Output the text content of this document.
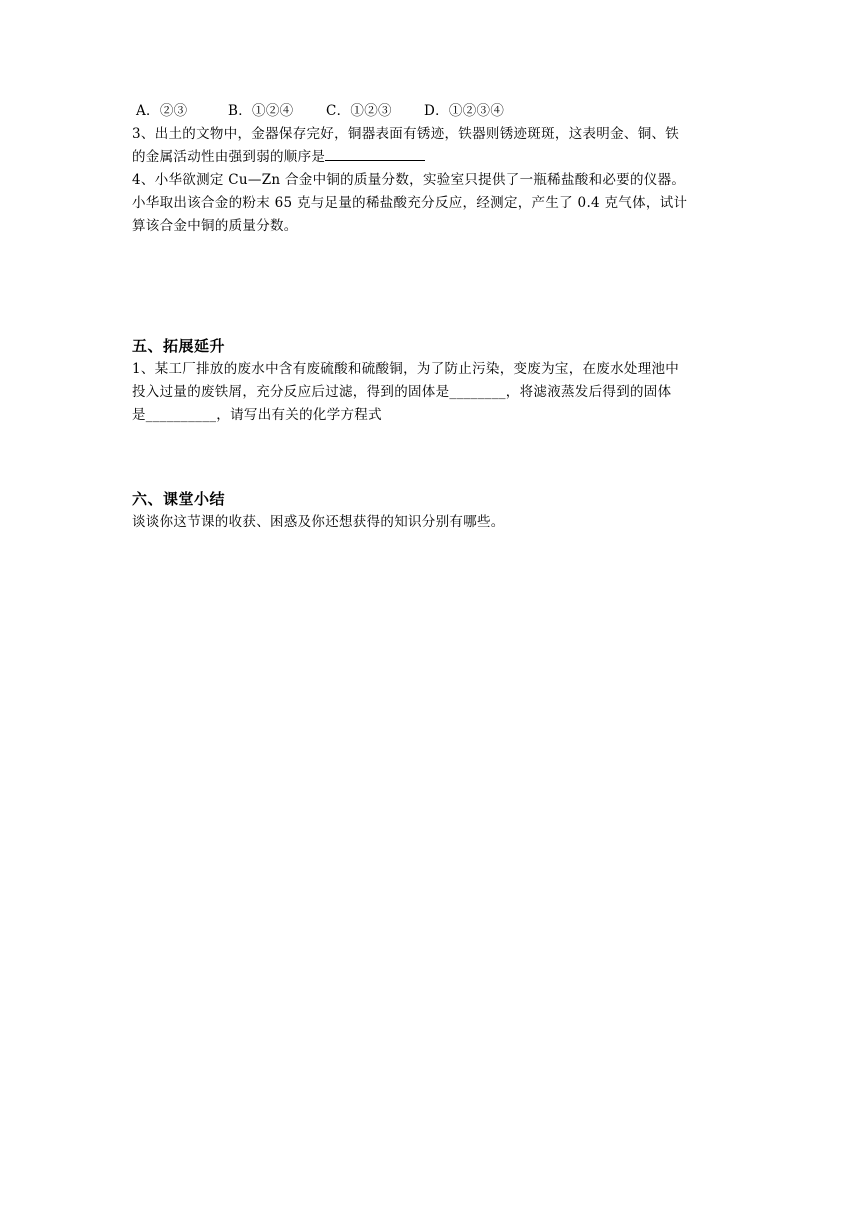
A．②③	B．①②④ C．①②③ D．①②③④
3、出土的文物中，金器保存完好，铜器表面有锈迹，铁器则锈迹斑斑，这表明金、铜、铁
的金属活动性由强到弱的顺序是
4、小华欲测定 Cu—Zn 合金中铜的质量分数，实验室只提供了一瓶稀盐酸和必要的仪器。
小华取出该合金的粉末 65 克与足量的稀盐酸充分反应，经测定，产生了 0.4 克气体，试计
算该合金中铜的质量分数。
五、拓展延升
1、某工厂排放的废水中含有废硫酸和硫酸铜，为了防止污染，变废为宝，在废水处理池中
投入过量的废铁屑，充分反应后过滤，得到的固体是________，将滤液蒸发后得到的固体
是__________，请写出有关的化学方程式
六、课堂小结
谈谈你这节课的收获、困惑及你还想获得的知识分别有哪些。
